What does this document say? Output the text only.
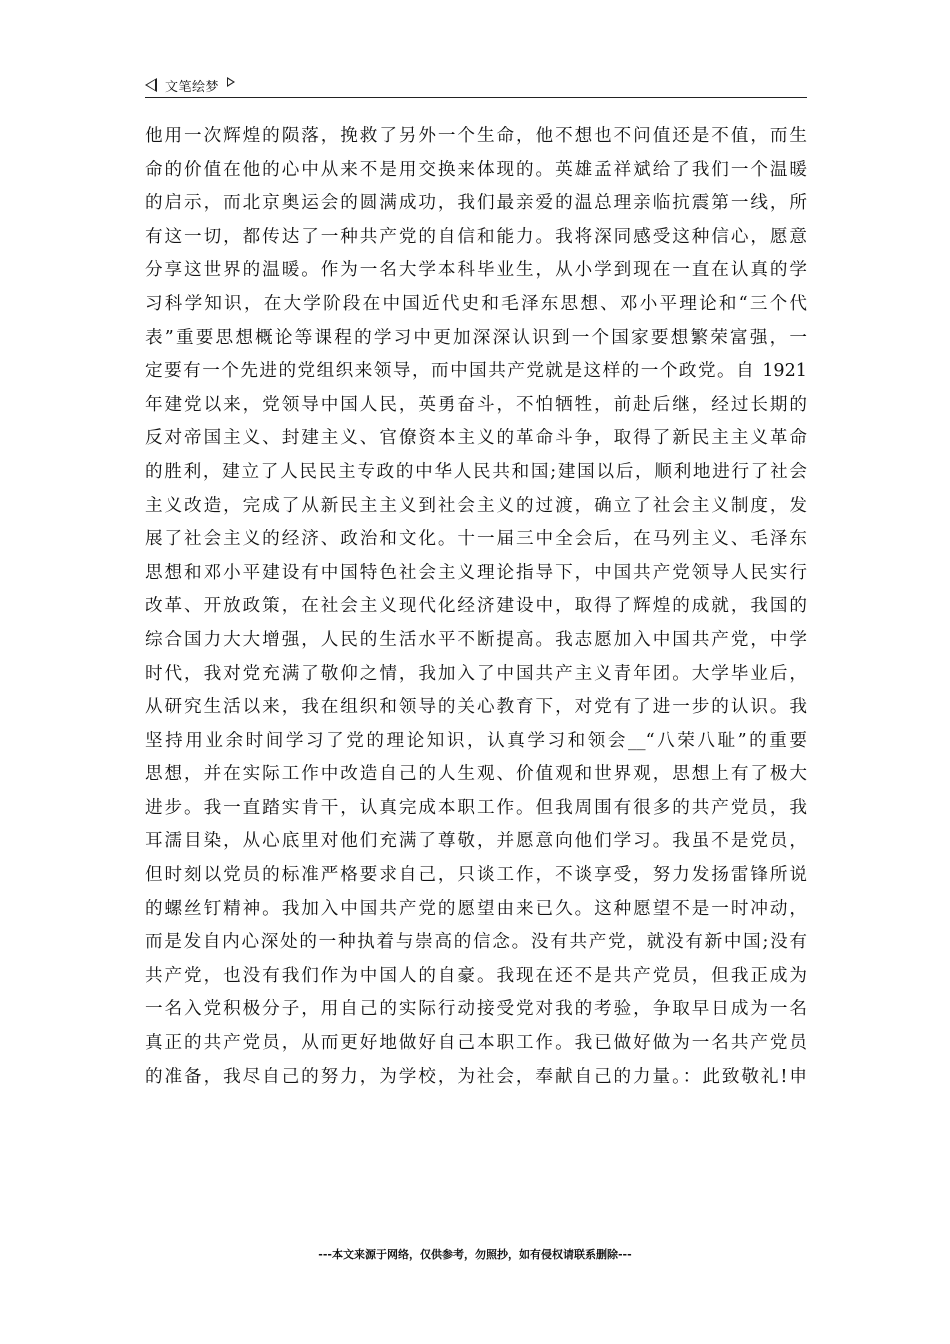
文笔绘梦
他用一次辉煌的陨落，挽救了另外一个生命，他不想也不问值还是不值，而生
命的价值在他的心中从来不是用交换来体现的。英雄孟祥斌给了我们一个温暖
的启示，而北京奥运会的圆满成功，我们最亲爱的温总理亲临抗震第一线，所
有这一切，都传达了一种共产党的自信和能力。我将深同感受这种信心，愿意
分享这世界的温暖。作为一名大学本科毕业生，从小学到现在一直在认真的学
习科学知识，在大学阶段在中国近代史和毛泽东思想、邓小平理论和“三个代
表”重要思想概论等课程的学习中更加深深认识到一个国家要想繁荣富强，一
定要有一个先进的党组织来领导，而中国共产党就是这样的一个政党。自 1921
年建党以来，党领导中国人民，英勇奋斗，不怕牺牲，前赴后继，经过长期的
反对帝国主义、封建主义、官僚资本主义的革命斗争，取得了新民主主义革命
的胜利，建立了人民民主专政的中华人民共和国;建国以后，顺利地进行了社会
主义改造，完成了从新民主主义到社会主义的过渡，确立了社会主义制度，发
展了社会主义的经济、政治和文化。十一届三中全会后，在马列主义、毛泽东
思想和邓小平建设有中国特色社会主义理论指导下，中国共产党领导人民实行
改革、开放政策，在社会主义现代化经济建设中，取得了辉煌的成就，我国的
综合国力大大增强，人民的生活水平不断提高。我志愿加入中国共产党，中学
时代，我对党充满了敬仰之情，我加入了中国共产主义青年团。大学毕业后，
从研究生活以来，我在组织和领导的关心教育下，对党有了进一步的认识。我
坚持用业余时间学习了党的理论知识，认真学习和领会__“八荣八耻”的重要
思想，并在实际工作中改造自己的人生观、价值观和世界观，思想上有了极大
进步。我一直踏实肯干，认真完成本职工作。但我周围有很多的共产党员，我
耳濡目染，从心底里对他们充满了尊敬，并愿意向他们学习。我虽不是党员，
但时刻以党员的标准严格要求自己，只谈工作，不谈享受，努力发扬雷锋所说
的螺丝钉精神。我加入中国共产党的愿望由来已久。这种愿望不是一时冲动，
而是发自内心深处的一种执着与崇高的信念。没有共产党，就没有新中国;没有
共产党，也没有我们作为中国人的自豪。我现在还不是共产党员，但我正成为
一名入党积极分子，用自己的实际行动接受党对我的考验，争取早日成为一名
真正的共产党员，从而更好地做好自己本职工作。我已做好做为一名共产党员
的准备，我尽自己的努力，为学校，为社会，奉献自己的力量。：此致敬礼!申
---本文来源于网络，仅供参考，勿照抄，如有侵权请联系删除---
